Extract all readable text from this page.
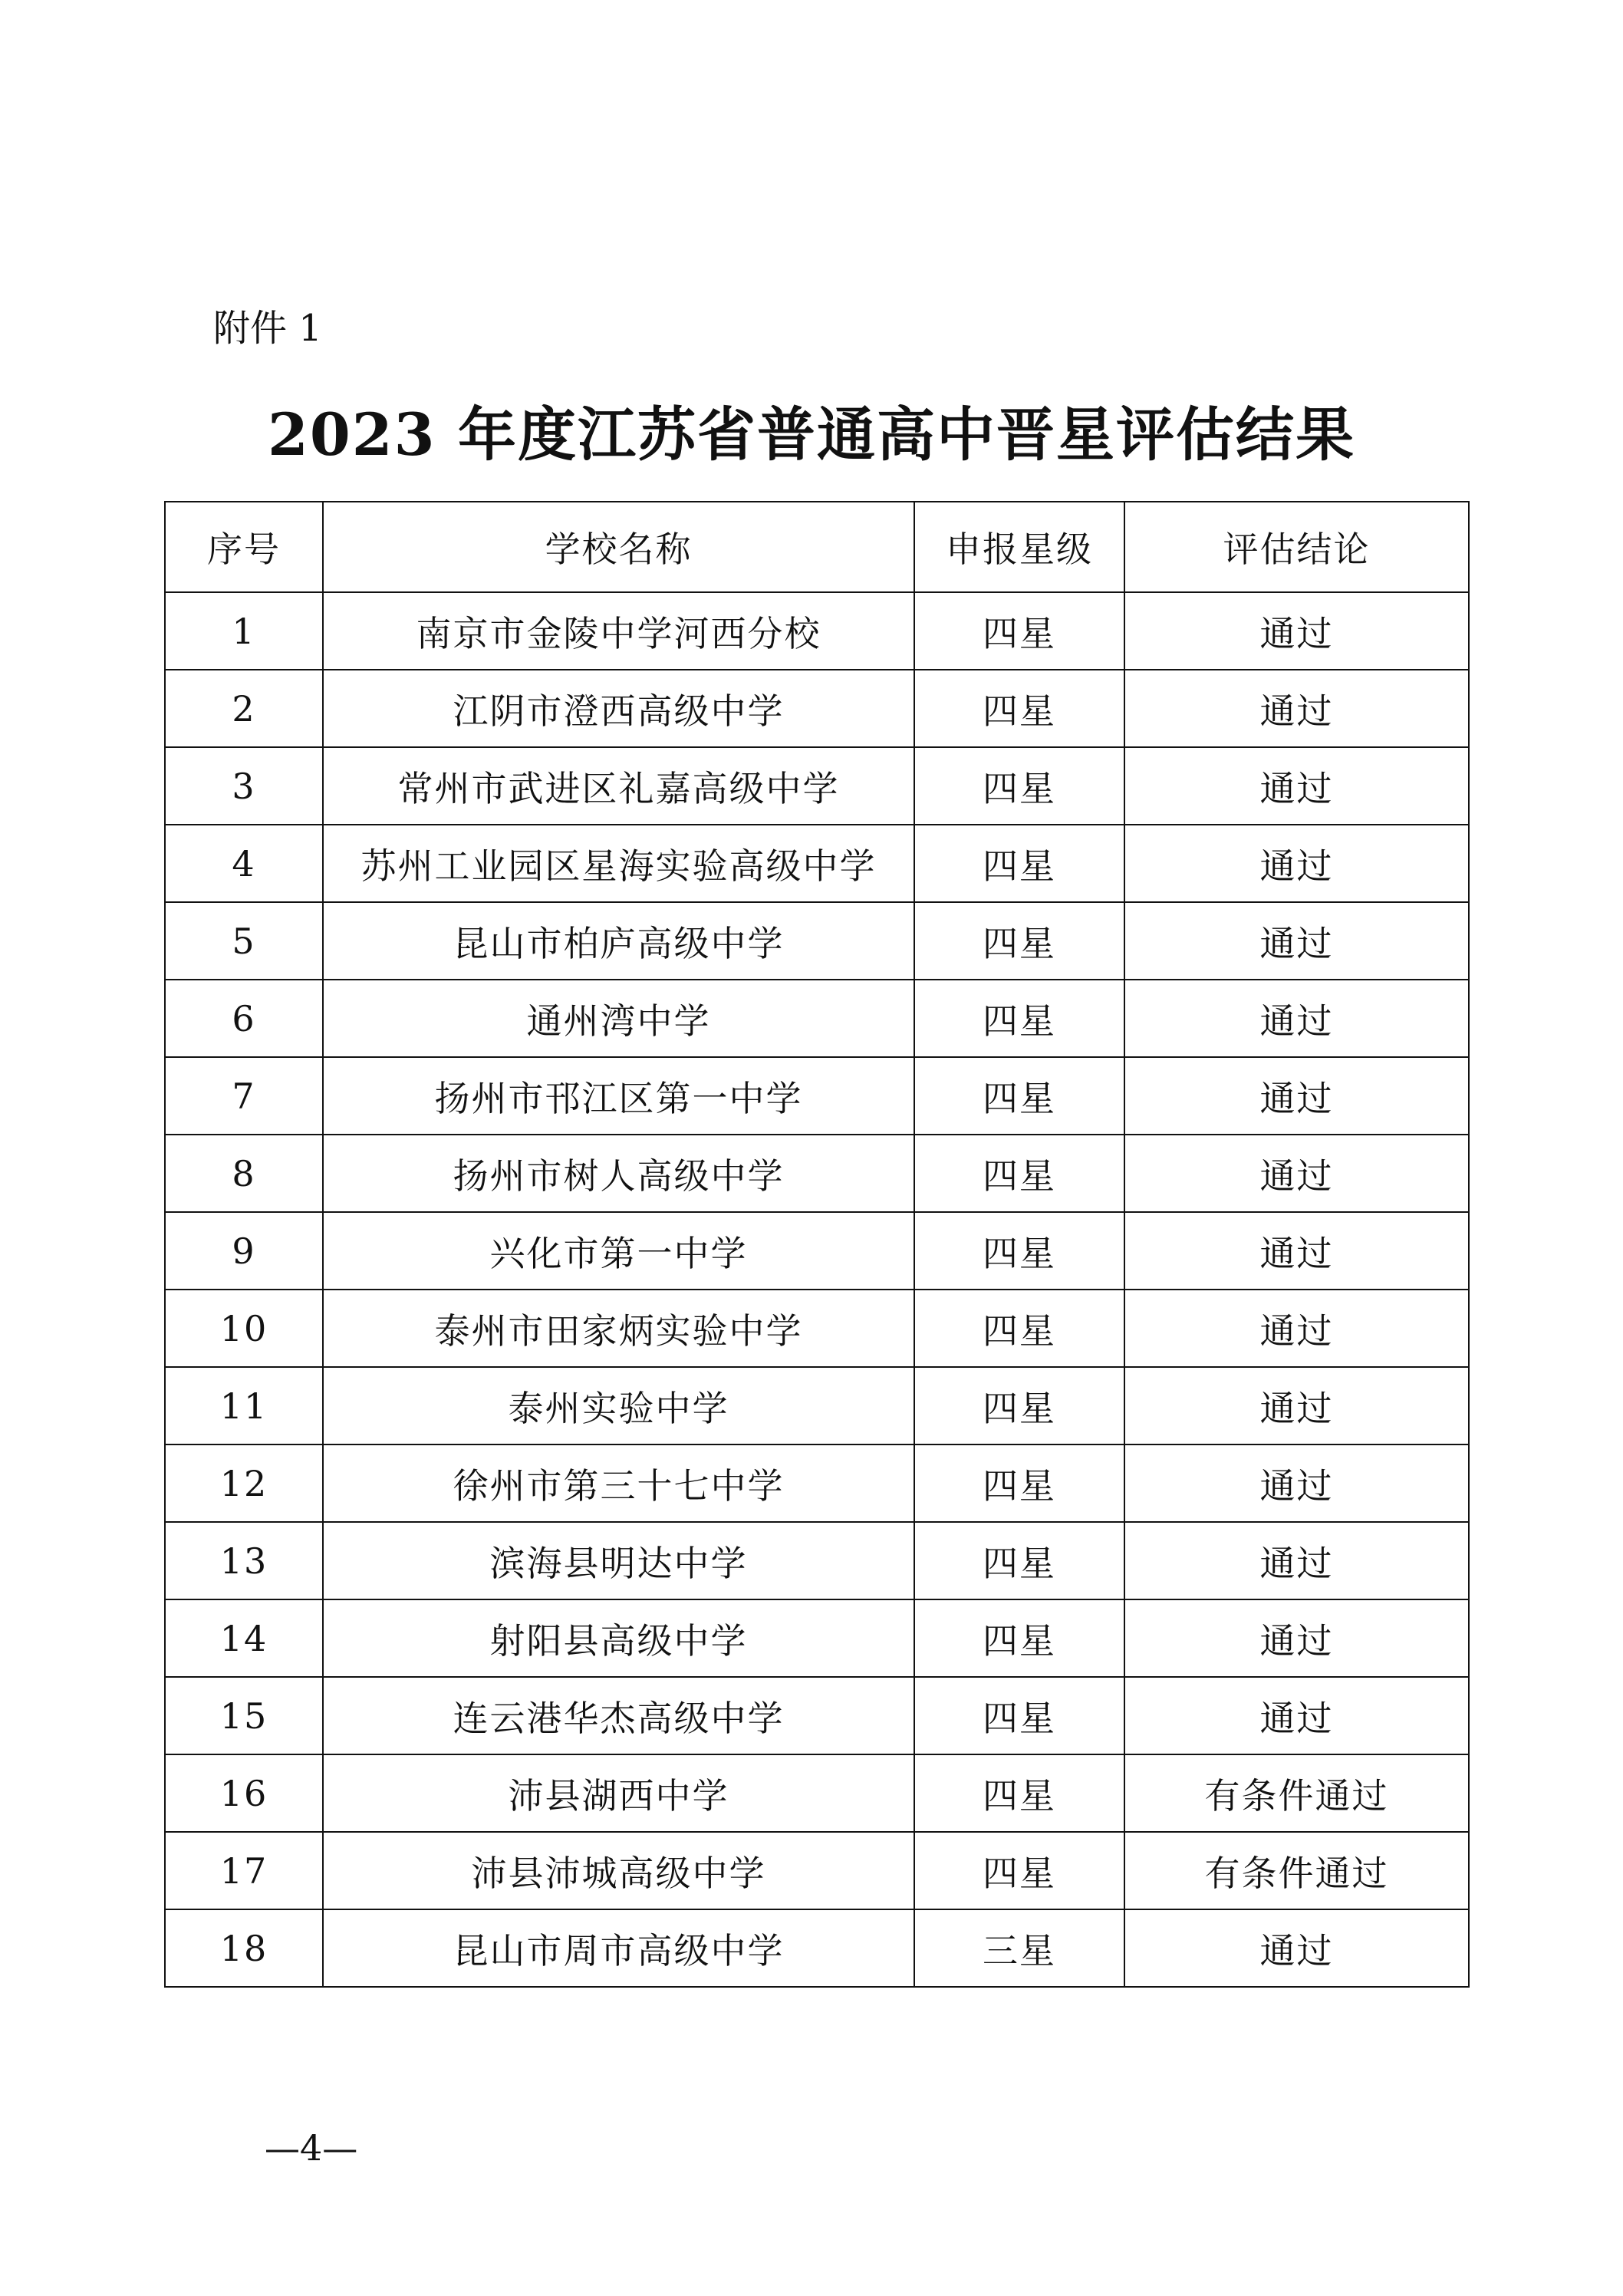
附件 1
2023 年度江苏省普通高中晋星评估结果
序号	学校名称	申报星级	评估结论
1	南京市金陵中学河西分校	四星	通过
2	江阴市澄西高级中学	四星	通过
3	常州市武进区礼嘉高级中学	四星	通过
4	苏州工业园区星海实验高级中学	四星	通过
5	昆山市柏庐高级中学	四星	通过
6	通州湾中学	四星	通过
7	扬州市邗江区第一中学	四星	通过
8	扬州市树人高级中学	四星	通过
9	兴化市第一中学	四星	通过
10	泰州市田家炳实验中学	四星	通过
11	泰州实验中学	四星	通过
12	徐州市第三十七中学	四星	通过
13	滨海县明达中学	四星	通过
14	射阳县高级中学	四星	通过
15	连云港华杰高级中学	四星	通过
16	沛县湖西中学	四星	有条件通过
17	沛县沛城高级中学	四星	有条件通过
18	昆山市周市高级中学	三星	通过
—4—
